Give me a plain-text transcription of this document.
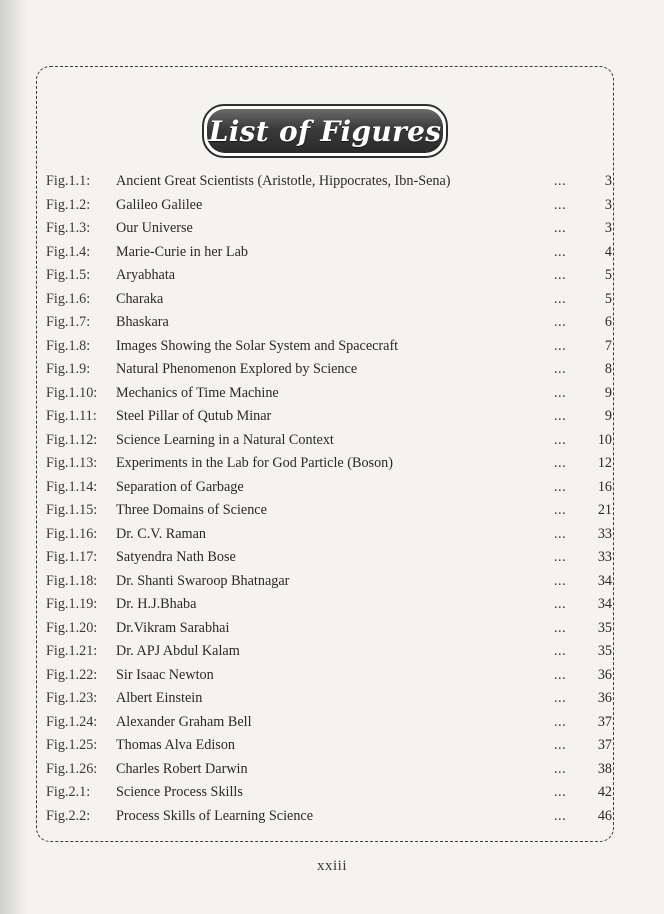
List of Figures
Fig.1.1:	Ancient Great Scientists (Aristotle, Hippocrates, Ibn-Sena)	...	3
Fig.1.2:	Galileo Galilee	...	3
Fig.1.3:	Our Universe	...	3
Fig.1.4:	Marie-Curie in her Lab	...	4
Fig.1.5:	Aryabhata	...	5
Fig.1.6:	Charaka	...	5
Fig.1.7:	Bhaskara	...	6
Fig.1.8:	Images Showing the Solar System and Spacecraft	...	7
Fig.1.9:	Natural Phenomenon Explored by Science	...	8
Fig.1.10:	Mechanics of Time Machine	...	9
Fig.1.11:	Steel Pillar of Qutub Minar	...	9
Fig.1.12:	Science Learning in a Natural Context	...	10
Fig.1.13:	Experiments in the Lab for God Particle (Boson)	...	12
Fig.1.14:	Separation of Garbage	...	16
Fig.1.15:	Three Domains of Science	...	21
Fig.1.16:	Dr. C.V. Raman	...	33
Fig.1.17:	Satyendra Nath Bose	...	33
Fig.1.18:	Dr. Shanti Swaroop Bhatnagar	...	34
Fig.1.19:	Dr. H.J.Bhaba	...	34
Fig.1.20:	Dr.Vikram Sarabhai	...	35
Fig.1.21:	Dr. APJ Abdul Kalam	...	35
Fig.1.22:	Sir Isaac Newton	...	36
Fig.1.23:	Albert Einstein	...	36
Fig.1.24:	Alexander Graham Bell	...	37
Fig.1.25:	Thomas Alva Edison	...	37
Fig.1.26:	Charles Robert Darwin	...	38
Fig.2.1:	Science Process Skills	...	42
Fig.2.2:	Process Skills of Learning Science	...	46
xxiii
